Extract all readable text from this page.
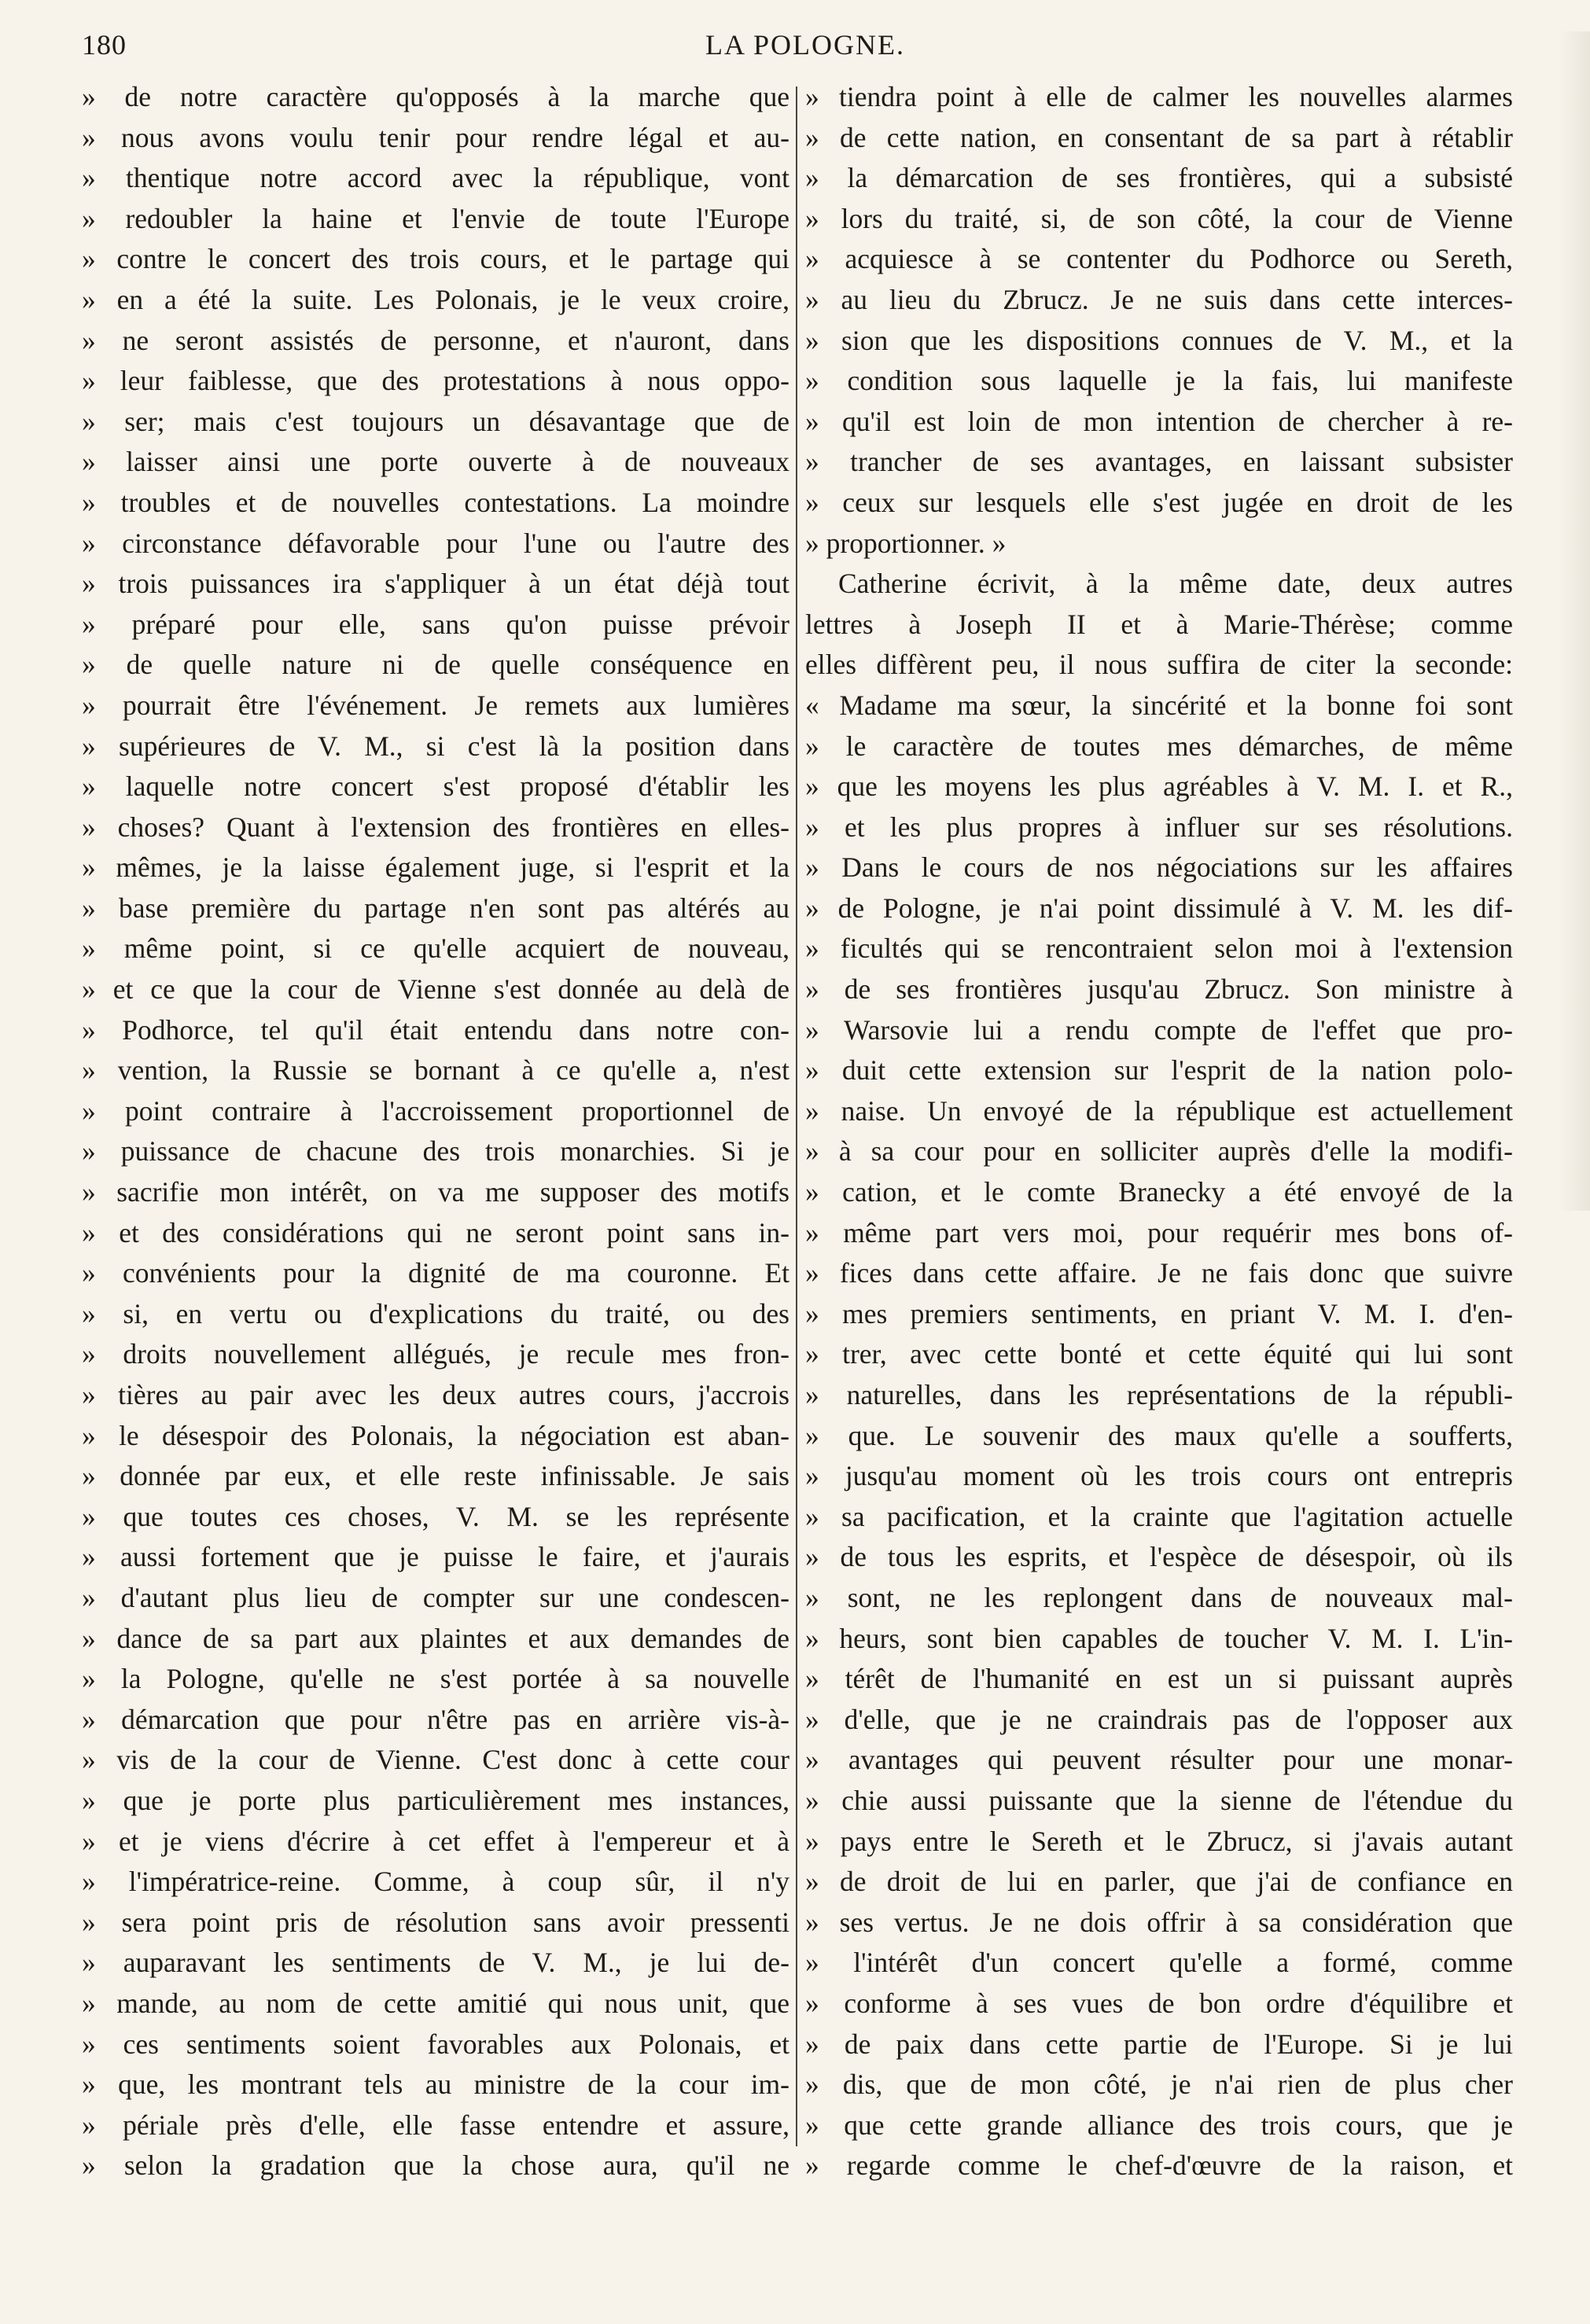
180	LA POLOGNE.
» de notre caractère qu'opposés à la marche que
» nous avons voulu tenir pour rendre légal et au-
» thentique notre accord avec la république, vont
» redoubler la haine et l'envie de toute l'Europe
» contre le concert des trois cours, et le partage qui
» en a été la suite. Les Polonais, je le veux croire,
» ne seront assistés de personne, et n'auront, dans
» leur faiblesse, que des protestations à nous oppo-
» ser; mais c'est toujours un désavantage que de
» laisser ainsi une porte ouverte à de nouveaux
» troubles et de nouvelles contestations. La moindre
» circonstance défavorable pour l'une ou l'autre des
» trois puissances ira s'appliquer à un état déjà tout
» préparé pour elle, sans qu'on puisse prévoir
» de quelle nature ni de quelle conséquence en
» pourrait être l'événement. Je remets aux lumières
» supérieures de V. M., si c'est là la position dans
» laquelle notre concert s'est proposé d'établir les
» choses? Quant à l'extension des frontières en elles-
» mêmes, je la laisse également juge, si l'esprit et la
» base première du partage n'en sont pas altérés au
» même point, si ce qu'elle acquiert de nouveau,
» et ce que la cour de Vienne s'est donnée au delà de
» Podhorce, tel qu'il était entendu dans notre con-
» vention, la Russie se bornant à ce qu'elle a, n'est
» point contraire à l'accroissement proportionnel de
» puissance de chacune des trois monarchies. Si je
» sacrifie mon intérêt, on va me supposer des motifs
» et des considérations qui ne seront point sans in-
» convénients pour la dignité de ma couronne. Et
» si, en vertu ou d'explications du traité, ou des
» droits nouvellement allégués, je recule mes fron-
» tières au pair avec les deux autres cours, j'accrois
» le désespoir des Polonais, la négociation est aban-
» donnée par eux, et elle reste infinissable. Je sais
» que toutes ces choses, V. M. se les représente
» aussi fortement que je puisse le faire, et j'aurais
» d'autant plus lieu de compter sur une condescen-
» dance de sa part aux plaintes et aux demandes de
» la Pologne, qu'elle ne s'est portée à sa nouvelle
» démarcation que pour n'être pas en arrière vis-à-
» vis de la cour de Vienne. C'est donc à cette cour
» que je porte plus particulièrement mes instances,
» et je viens d'écrire à cet effet à l'empereur et à
» l'impératrice-reine. Comme, à coup sûr, il n'y
» sera point pris de résolution sans avoir pressenti
» auparavant les sentiments de V. M., je lui de-
» mande, au nom de cette amitié qui nous unit, que
» ces sentiments soient favorables aux Polonais, et
» que, les montrant tels au ministre de la cour im-
» périale près d'elle, elle fasse entendre et assure,
» selon la gradation que la chose aura, qu'il ne
» tiendra point à elle de calmer les nouvelles alarmes
» de cette nation, en consentant de sa part à rétablir
» la démarcation de ses frontières, qui a subsisté
» lors du traité, si, de son côté, la cour de Vienne
» acquiesce à se contenter du Podhorce ou Sereth,
» au lieu du Zbrucz. Je ne suis dans cette interces-
» sion que les dispositions connues de V. M., et la
» condition sous laquelle je la fais, lui manifeste
» qu'il est loin de mon intention de chercher à re-
» trancher de ses avantages, en laissant subsister
» ceux sur lesquels elle s'est jugée en droit de les
» proportionner. »
Catherine écrivit, à la même date, deux autres
lettres à Joseph II et à Marie-Thérèse; comme
elles diffèrent peu, il nous suffira de citer la seconde:
« Madame ma sœur, la sincérité et la bonne foi sont
» le caractère de toutes mes démarches, de même
» que les moyens les plus agréables à V. M. I. et R.,
» et les plus propres à influer sur ses résolutions.
» Dans le cours de nos négociations sur les affaires
» de Pologne, je n'ai point dissimulé à V. M. les dif-
» ficultés qui se rencontraient selon moi à l'extension
» de ses frontières jusqu'au Zbrucz. Son ministre à
» Warsovie lui a rendu compte de l'effet que pro-
» duit cette extension sur l'esprit de la nation polo-
» naise. Un envoyé de la république est actuellement
» à sa cour pour en solliciter auprès d'elle la modifi-
» cation, et le comte Branecky a été envoyé de la
» même part vers moi, pour requérir mes bons of-
» fices dans cette affaire. Je ne fais donc que suivre
» mes premiers sentiments, en priant V. M. I. d'en-
» trer, avec cette bonté et cette équité qui lui sont
» naturelles, dans les représentations de la républi-
» que. Le souvenir des maux qu'elle a soufferts,
» jusqu'au moment où les trois cours ont entrepris
» sa pacification, et la crainte que l'agitation actuelle
» de tous les esprits, et l'espèce de désespoir, où ils
» sont, ne les replongent dans de nouveaux mal-
» heurs, sont bien capables de toucher V. M. I. L'in-
» térêt de l'humanité en est un si puissant auprès
» d'elle, que je ne craindrais pas de l'opposer aux
» avantages qui peuvent résulter pour une monar-
» chie aussi puissante que la sienne de l'étendue du
» pays entre le Sereth et le Zbrucz, si j'avais autant
» de droit de lui en parler, que j'ai de confiance en
» ses vertus. Je ne dois offrir à sa considération que
» l'intérêt d'un concert qu'elle a formé, comme
» conforme à ses vues de bon ordre d'équilibre et
» de paix dans cette partie de l'Europe. Si je lui
» dis, que de mon côté, je n'ai rien de plus cher
» que cette grande alliance des trois cours, que je
» regarde comme le chef-d'œuvre de la raison, et
